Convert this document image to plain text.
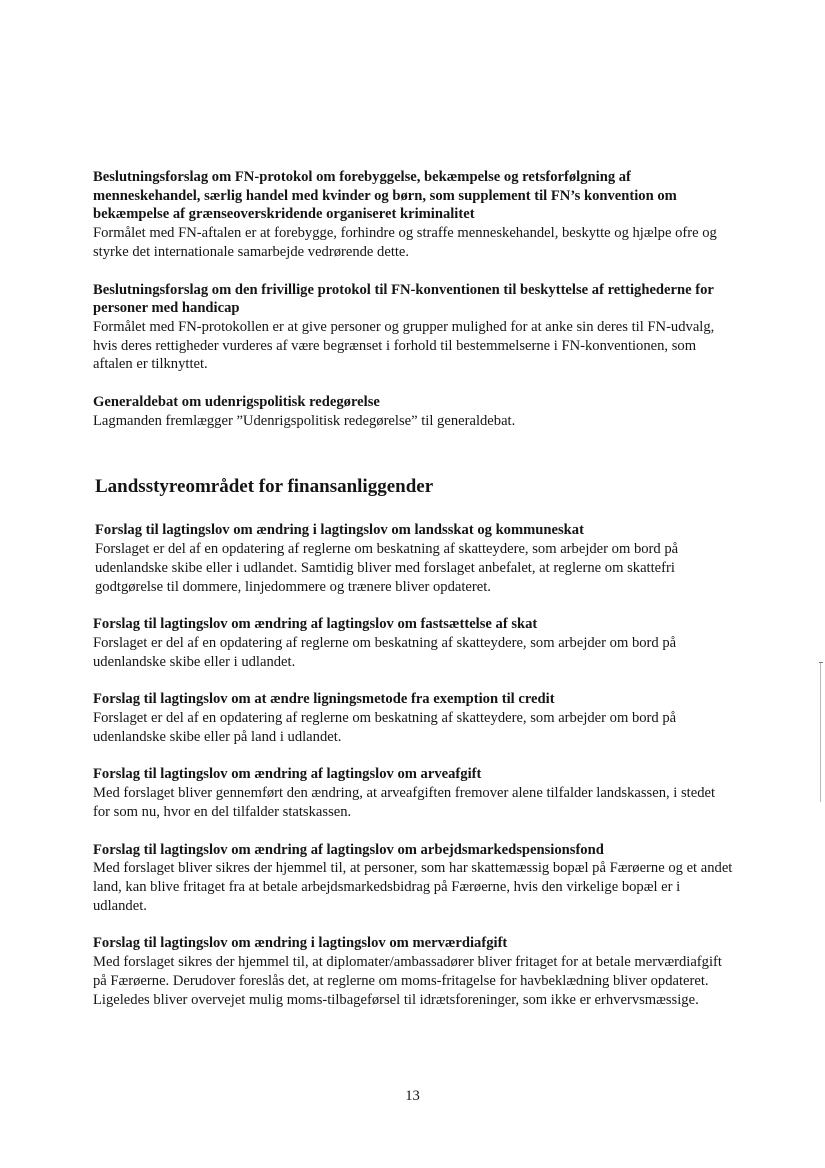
Beslutningsforslag om FN-protokol om forebyggelse, bekæmpelse og retsforfølgning af menneskehandel, særlig handel med kvinder og børn, som supplement til FN’s konvention om bekæmpelse af grænseoverskridende organiseret kriminalitet

Formålet med FN-aftalen er at forebygge, forhindre og straffe menneskehandel, beskytte og hjælpe ofre og styrke det internationale samarbejde vedrørende dette.

Beslutningsforslag om den frivillige protokol til FN-konventionen til beskyttelse af rettighederne for personer med handicap

Formålet med FN-protokollen er at give personer og grupper mulighed for at anke sin deres til FN-udvalg, hvis deres rettigheder vurderes af være begrænset i forhold til bestemmelserne i FN-konventionen, som aftalen er tilknyttet.

Generaldebat om udenrigspolitisk redegørelse

Lagmanden fremlægger ”Udenrigspolitisk redegørelse” til generaldebat.

Landsstyreområdet for finansanliggender

Forslag til lagtingslov om ændring i lagtingslov om landsskat og kommuneskat

Forslaget er del af en opdatering af reglerne om beskatning af skatteydere, som arbejder om bord på udenlandske skibe eller i udlandet. Samtidig bliver med forslaget anbefalet, at reglerne om skattefri godtgørelse til dommere, linjedommere og trænere bliver opdateret.

Forslag til lagtingslov om ændring af lagtingslov om fastsættelse af skat

Forslaget er del af en opdatering af reglerne om beskatning af skatteydere, som arbejder om bord på udenlandske skibe eller i udlandet.

Forslag til lagtingslov om at ændre ligningsmetode fra exemption til credit

Forslaget er del af en opdatering af reglerne om beskatning af skatteydere, som arbejder om bord på udenlandske skibe eller på land i udlandet.

Forslag til lagtingslov om ændring af lagtingslov om arveafgift

Med forslaget bliver gennemført den ændring, at arveafgiften fremover alene tilfalder landskassen, i stedet for som nu, hvor en del tilfalder statskassen.

Forslag til lagtingslov om ændring af lagtingslov om arbejdsmarkedspensionsfond

Med forslaget bliver sikres der hjemmel til, at personer, som har skattemæssig bopæl på Færøerne og et andet land, kan blive fritaget fra at betale arbejdsmarkedsbidrag på Færøerne, hvis den virkelige bopæl er i udlandet.

Forslag til lagtingslov om ændring i lagtingslov om merværdiafgift

Med forslaget sikres der hjemmel til, at diplomater/ambassadører bliver fritaget for at betale merværdiafgift på Færøerne. Derudover foreslås det, at reglerne om moms-fritagelse for havbeklædning bliver opdateret. Ligeledes bliver overvejet mulig moms-tilbageførsel til idrætsforeninger, som ikke er erhvervsmæssige.

13
